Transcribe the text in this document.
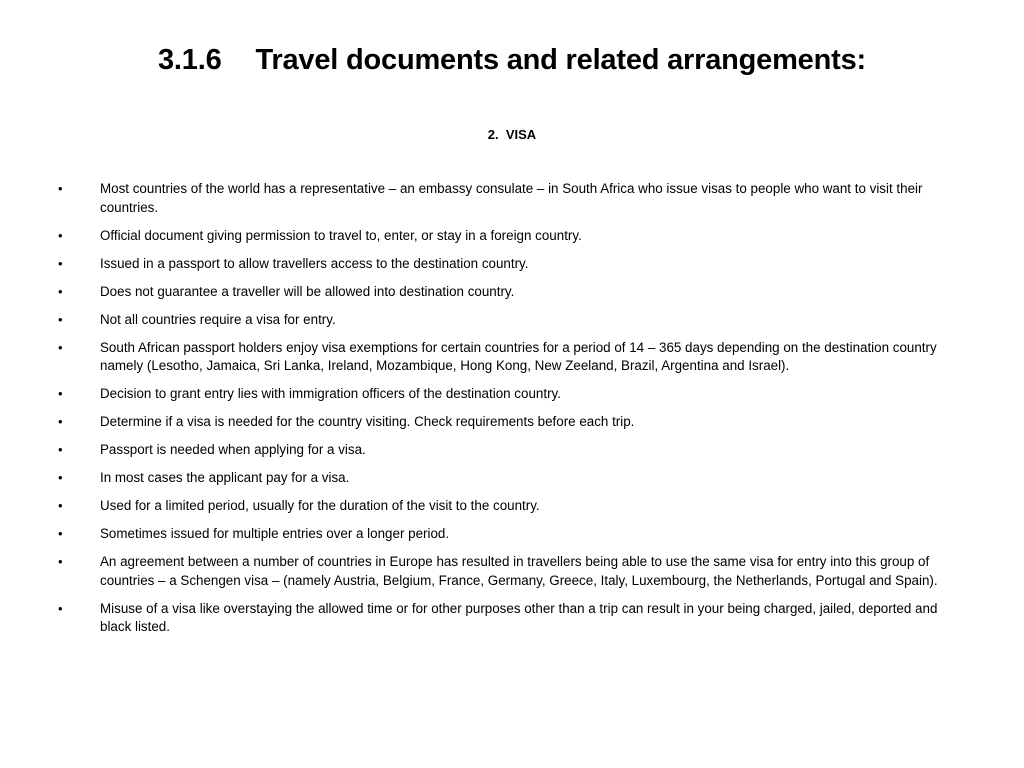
3.1.6 Travel documents and related arrangements:
2.  VISA
•	Most countries of the world has a representative – an embassy consulate – in South Africa who issue visas to people who want to visit their countries.
•	Official document giving permission to travel to, enter, or stay in a foreign country.
•	Issued in a passport to allow travellers access to the destination country.
•	Does not guarantee a traveller will be allowed into destination country.
•	Not all countries require a visa for entry.
•	South African passport holders enjoy visa exemptions for certain countries for a period of 14 – 365 days depending on the destination country namely (Lesotho, Jamaica, Sri Lanka, Ireland, Mozambique, Hong Kong, New Zeeland, Brazil, Argentina and Israel).
•	Decision to grant entry lies with immigration officers of the destination country.
•	Determine if a visa is needed for the country visiting. Check requirements before each trip.
•	Passport is needed when applying for a visa.
•	In most cases the applicant pay for a visa.
•	Used for a limited period, usually for the duration of the visit to the country.
•	Sometimes issued for multiple entries over a longer period.
•	An agreement between a number of countries in Europe has resulted in travellers being able to use the same visa for entry into this group of countries – a Schengen visa – (namely Austria, Belgium, France, Germany, Greece, Italy, Luxembourg, the Netherlands, Portugal and Spain).
•	Misuse of a visa like overstaying the allowed time or for other purposes other than a trip can result in your being charged, jailed, deported and black listed.
